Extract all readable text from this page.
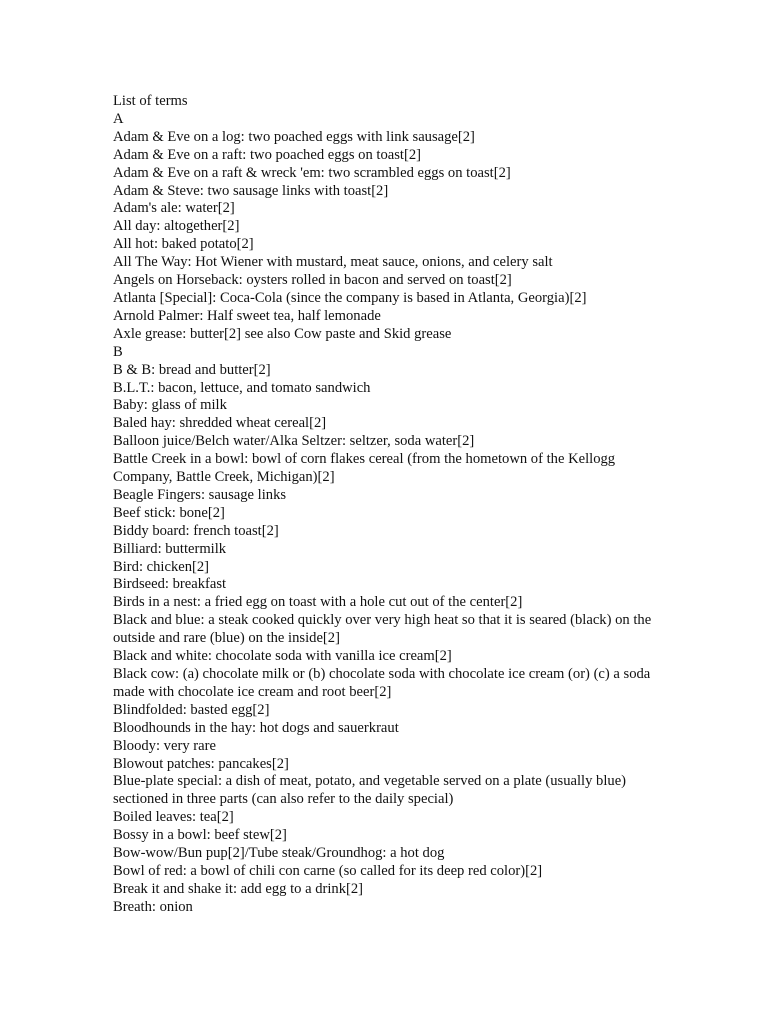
List of terms

A

Adam & Eve on a log: two poached eggs with link sausage[2]

Adam & Eve on a raft: two poached eggs on toast[2]

Adam & Eve on a raft & wreck 'em: two scrambled eggs on toast[2]

Adam & Steve: two sausage links with toast[2]

Adam's ale: water[2]

All day: altogether[2]

All hot: baked potato[2]

All The Way: Hot Wiener with mustard, meat sauce, onions, and celery salt

Angels on Horseback: oysters rolled in bacon and served on toast[2]

Atlanta [Special]: Coca-Cola (since the company is based in Atlanta, Georgia)[2]

Arnold Palmer: Half sweet tea, half lemonade

Axle grease: butter[2] see also Cow paste and Skid grease

B

B & B: bread and butter[2]

B.L.T.: bacon, lettuce, and tomato sandwich

Baby: glass of milk

Baled hay: shredded wheat cereal[2]

Balloon juice/Belch water/Alka Seltzer: seltzer, soda water[2]

Battle Creek in a bowl: bowl of corn flakes cereal (from the hometown of the Kellogg Company, Battle Creek, Michigan)[2]

Beagle Fingers: sausage links

Beef stick: bone[2]

Biddy board: french toast[2]

Billiard: buttermilk

Bird: chicken[2]

Birdseed: breakfast

Birds in a nest: a fried egg on toast with a hole cut out of the center[2]

Black and blue: a steak cooked quickly over very high heat so that it is seared (black) on the outside and rare (blue) on the inside[2]

Black and white: chocolate soda with vanilla ice cream[2]

Black cow: (a) chocolate milk or (b) chocolate soda with chocolate ice cream (or) (c) a soda made with chocolate ice cream and root beer[2]

Blindfolded: basted egg[2]

Bloodhounds in the hay: hot dogs and sauerkraut

Bloody: very rare

Blowout patches: pancakes[2]

Blue-plate special: a dish of meat, potato, and vegetable served on a plate (usually blue) sectioned in three parts (can also refer to the daily special)

Boiled leaves: tea[2]

Bossy in a bowl: beef stew[2]

Bow-wow/Bun pup[2]/Tube steak/Groundhog: a hot dog

Bowl of red: a bowl of chili con carne (so called for its deep red color)[2]

Break it and shake it: add egg to a drink[2]

Breath: onion
